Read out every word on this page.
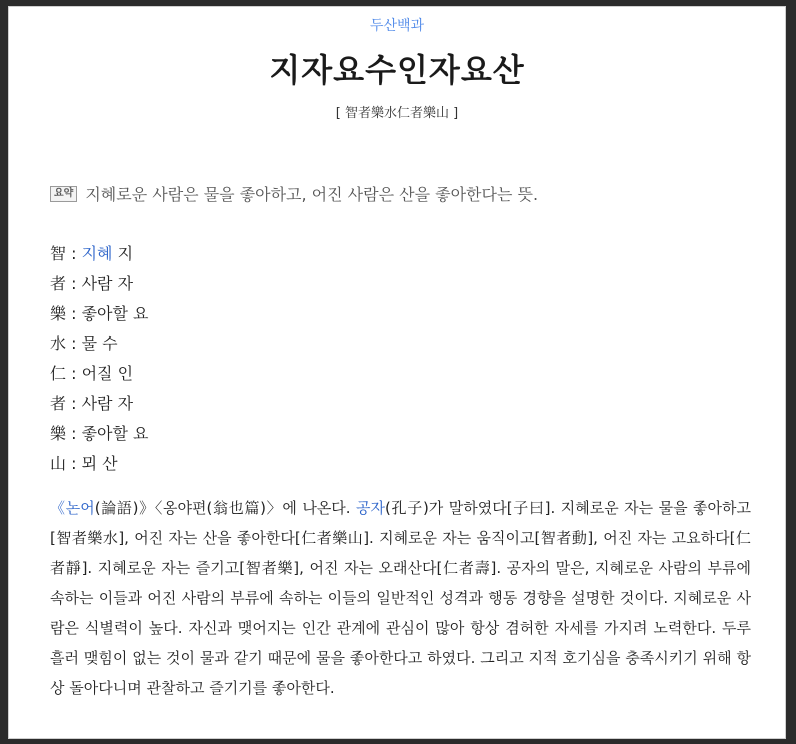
두산백과
지자요수인자요산
[ 智者樂水仁者樂山 ]
요약 지혜로운 사람은 물을 좋아하고, 어진 사람은 산을 좋아한다는 뜻.
智 : 지혜 지
者 : 사람 자
樂 : 좋아할 요
水 : 물 수
仁 : 어질 인
者 : 사람 자
樂 : 좋아할 요
山 : 뫼 산

《논어(論語)》〈옹야편(翁也篇)〉에 나온다. 공자(孔子)가 말하였다[子曰]. 지혜로운 자는 물을 좋아하고[智者樂水], 어진 자는 산을 좋아한다[仁者樂山]. 지혜로운 자는 움직이고[智者動], 어진 자는 고요하다[仁者靜]. 지혜로운 자는 즐기고[智者樂], 어진 자는 오래산다[仁者壽]. 공자의 말은, 지혜로운 사람의 부류에 속하는 이들과 어진 사람의 부류에 속하는 이들의 일반적인 성격과 행동 경향을 설명한 것이다. 지혜로운 사람은 식별력이 높다. 자신과 맺어지는 인간 관계에 관심이 많아 항상 겸허한 자세를 가지려 노력한다. 두루 흘러 맺힘이 없는 것이 물과 같기 때문에 물을 좋아한다고 하였다. 그리고 지적 호기심을 충족시키기 위해 항상 돌아다니며 관찰하고 즐기기를 좋아한다.
